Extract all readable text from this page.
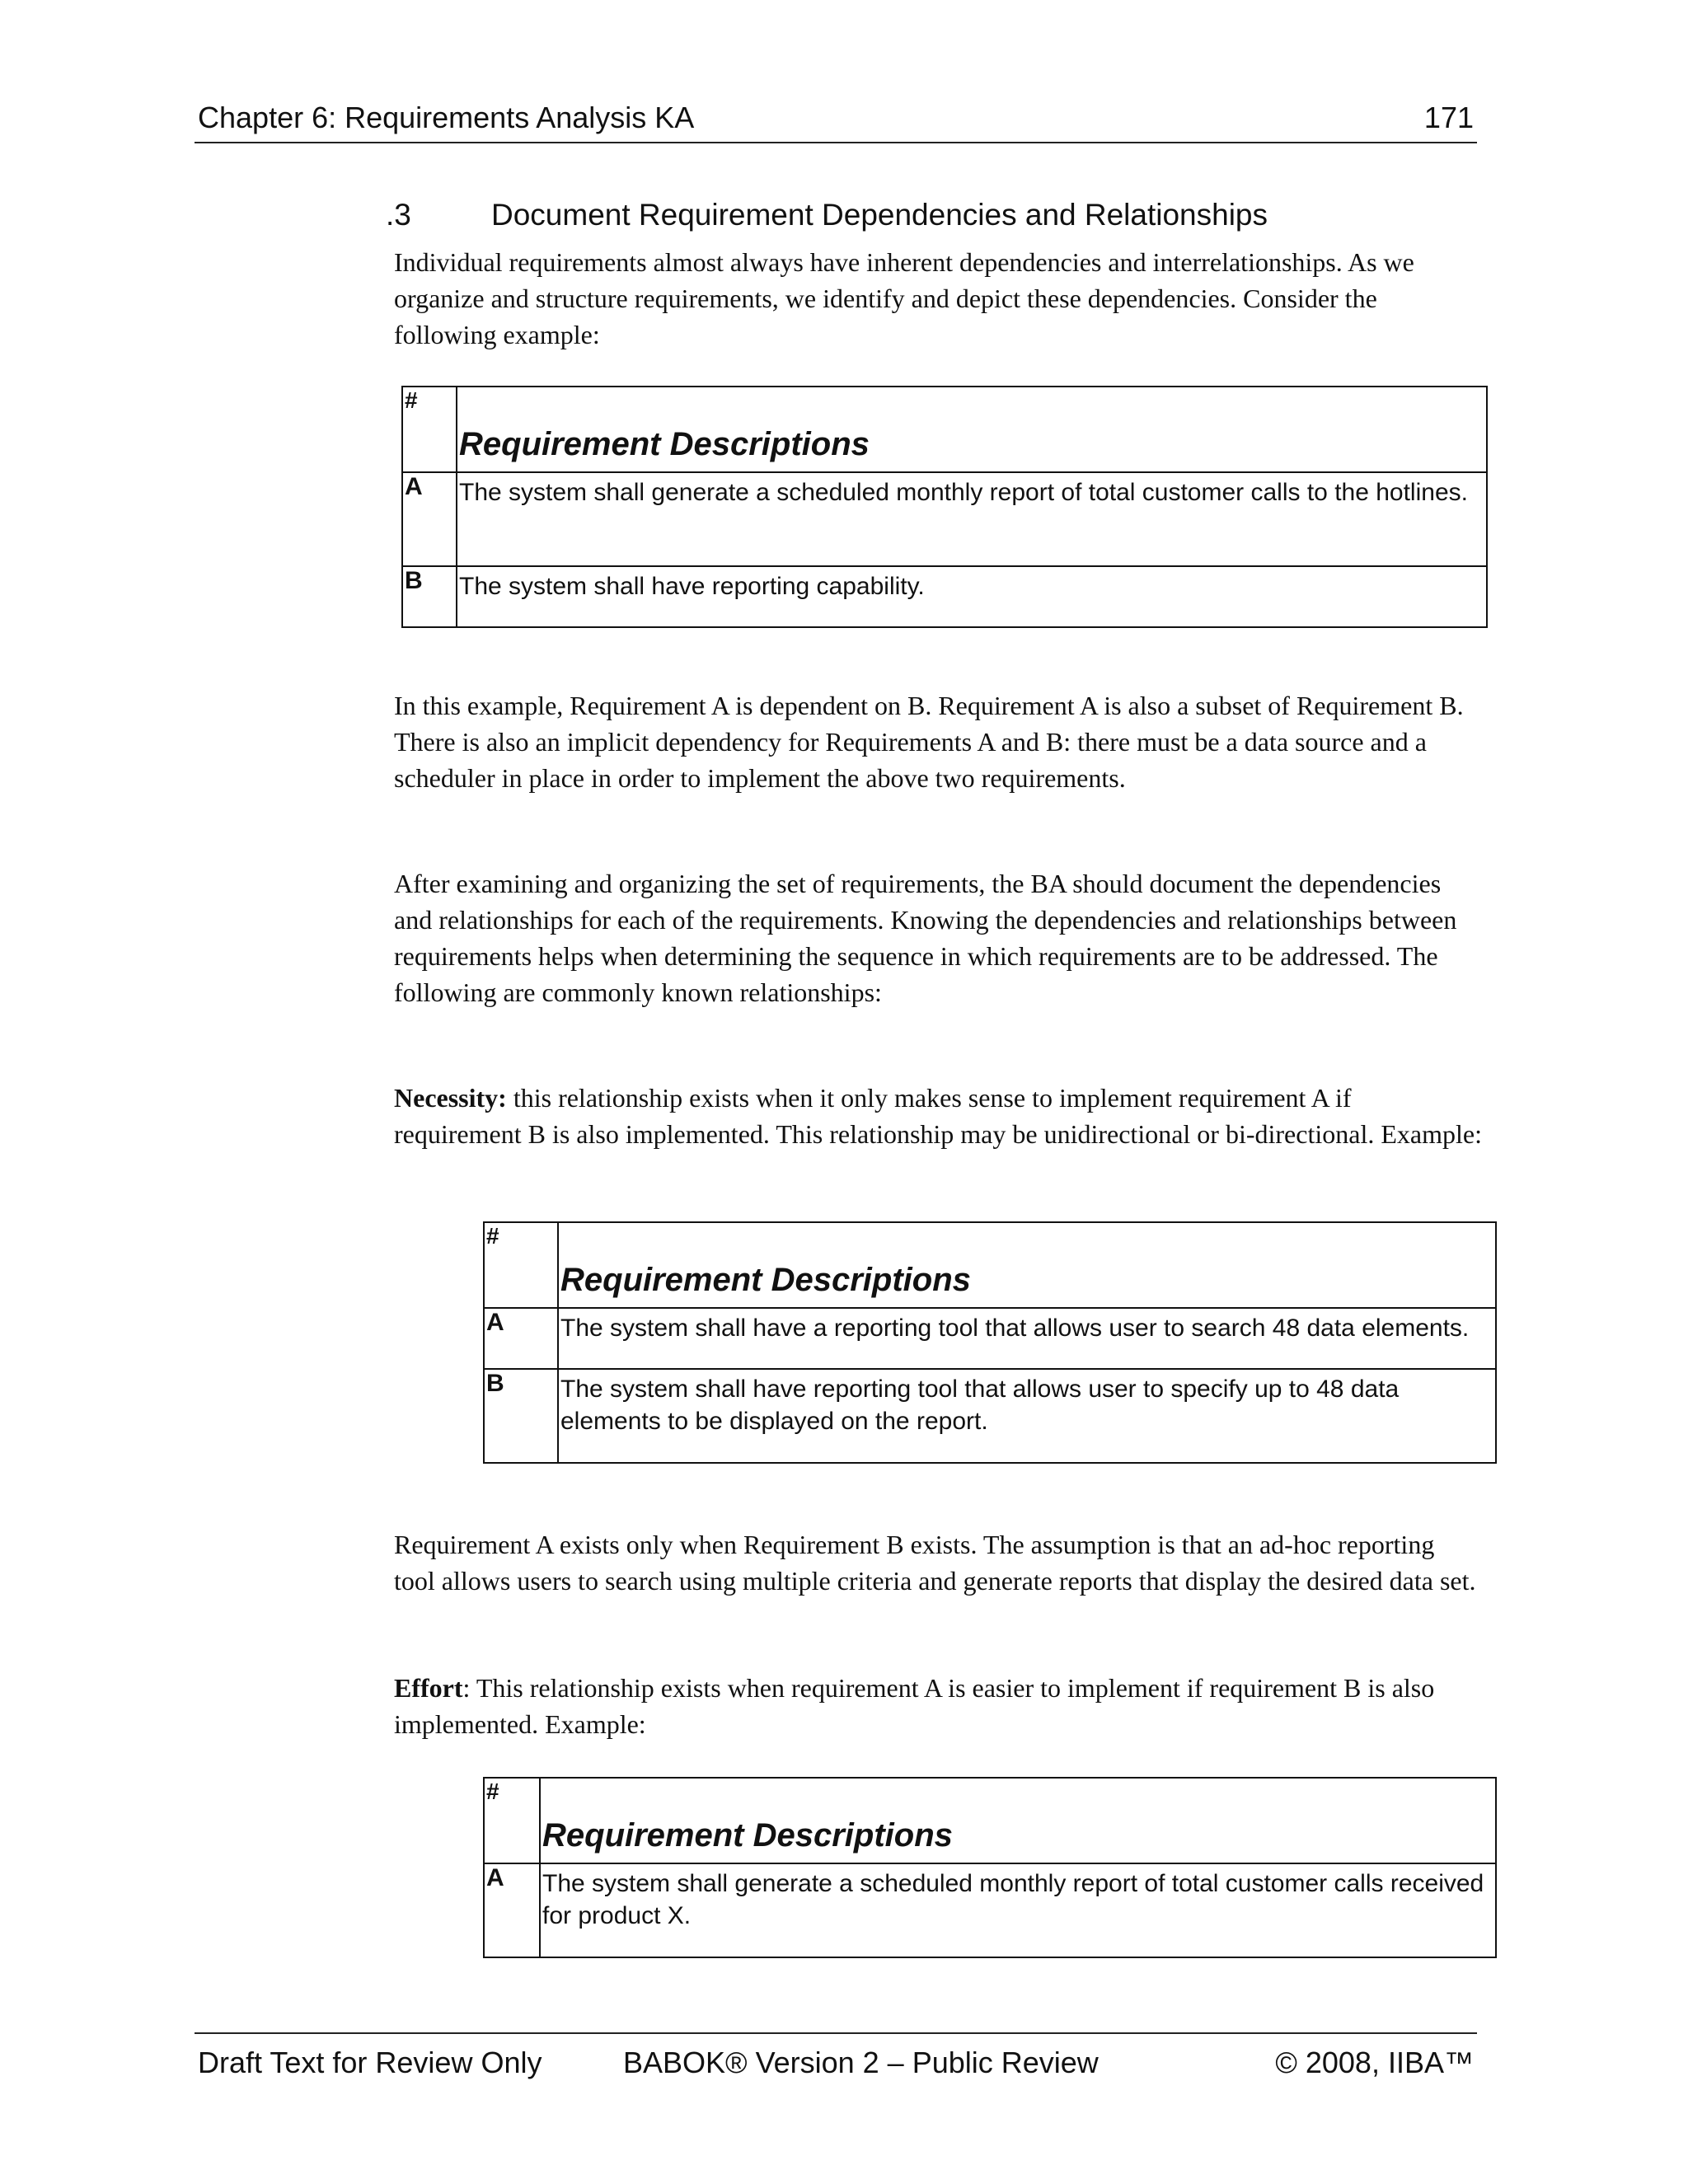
Chapter 6: Requirements Analysis KA	171
.3	Document Requirement Dependencies and Relationships

Individual requirements almost always have inherent dependencies and interrelationships. As we organize and structure requirements, we identify and depict these dependencies. Consider the following example:

#	Requirement Descriptions
A	The system shall generate a scheduled monthly report of total customer calls to the hotlines.
B	The system shall have reporting capability.

In this example, Requirement A is dependent on B. Requirement A is also a subset of Requirement B. There is also an implicit dependency for Requirements A and B: there must be a data source and a scheduler in place in order to implement the above two requirements.

After examining and organizing the set of requirements, the BA should document the dependencies and relationships for each of the requirements. Knowing the dependencies and relationships between requirements helps when determining the sequence in which requirements are to be addressed. The following are commonly known relationships:

Necessity: this relationship exists when it only makes sense to implement requirement A if requirement B is also implemented. This relationship may be unidirectional or bi-directional. Example:

#	Requirement Descriptions
A	The system shall have a reporting tool that allows user to search 48 data elements.
B	The system shall have reporting tool that allows user to specify up to 48 data elements to be displayed on the report.

Requirement A exists only when Requirement B exists. The assumption is that an ad-hoc reporting tool allows users to search using multiple criteria and generate reports that display the desired data set.

Effort: This relationship exists when requirement A is easier to implement if requirement B is also implemented. Example:

#	Requirement Descriptions
A	The system shall generate a scheduled monthly report of total customer calls received for product X.
Draft Text for Review Only	BABOK® Version 2 – Public Review	© 2008, IIBA™
